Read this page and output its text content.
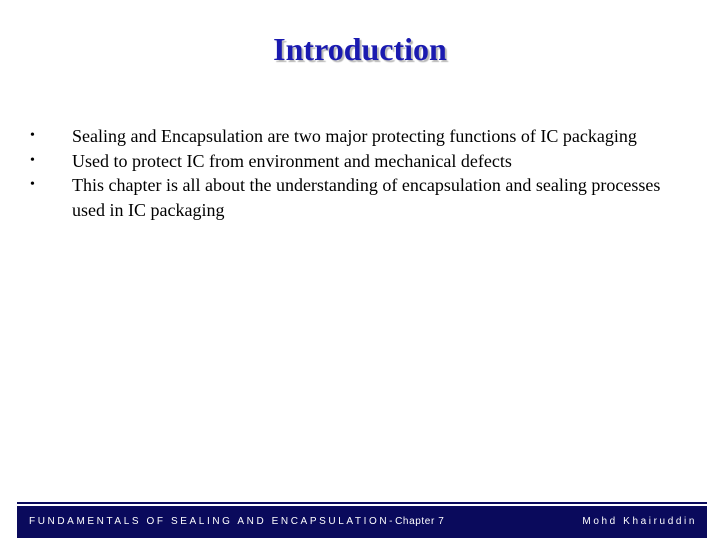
Introduction
•	Sealing and Encapsulation are two major protecting functions of IC packaging
•	Used to protect IC from environment and mechanical defects
•	This chapter is all about the understanding of encapsulation and sealing processes used in IC packaging
FUNDAMENTALS OF SEALING AND ENCAPSULATION-Chapter 7	Mohd Khairuddin
